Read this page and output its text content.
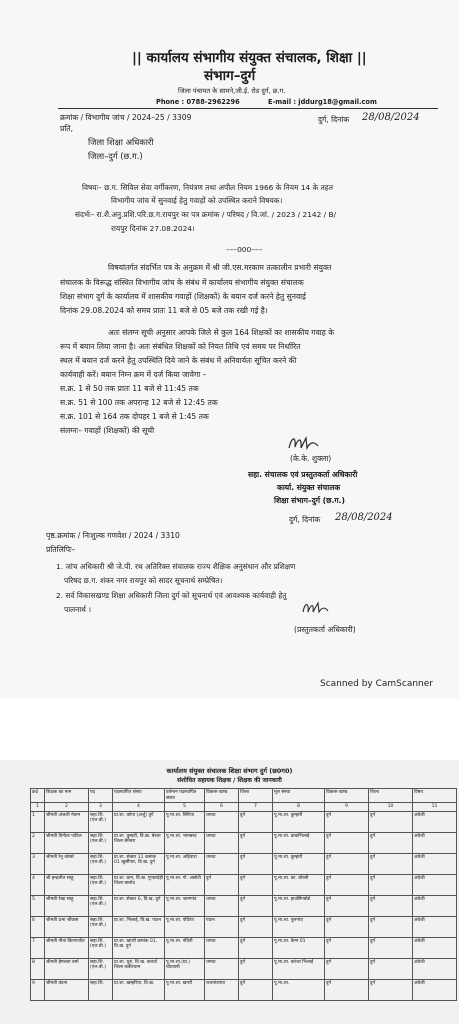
|| कार्यालय संभागीय संयुक्त संचालक, शिक्षा ||
संभाग–दुर्ग
जिला पंचायत के सामने,जी.ई. रोड दुर्ग, छ.ग.
Phone : 0788-2962296	E-mail : jddurg18@gmail.com
क्रमांक / विभागीय जांच / 2024–25 / 3309
प्रति,
दुर्ग, दिनांक 28/08/2024
जिला शिक्षा अधिकारी
जिला–दुर्ग (छ.ग.)
विषयः– छ.ग. सिविल सेवा वर्गीकरण, नियंत्रण तथा अपील नियम 1966 के नियम 14 के तहत
विभागीय जांच में सुनवाई हेतु गवाहों को उपस्थित कराने विषयक।
संदर्भः– रा.शै.अनु.प्रशि.परि.छ.ग.रायपुर का पत्र क्रमांक / परिषद / वि.जां. / 2023 / 2142 / B/
रायपुर दिनांक 27.08.2024।
–––000–––
विषयांतर्गत संदर्भित पत्र के अनुक्रम में श्री जी.एस.मरकाम तत्कालीन प्रभारी संयुक्त
संचालक के विरूद्ध संस्थित विभागीय जांच के संबंध में कार्यालय संभागीय संयुक्त संचालक
शिक्षा संभाग दुर्ग के कार्यालय में शासकीय गवाहों (शिक्षकों) के बयान दर्ज करने हेतु सुनवाई
दिनांक 29.08.2024 को समय प्रातः 11 बजे से 05 बजे तक रखी गई है।
अतः संलग्न सूची अनुसार आपके जिले से कुल 164 शिक्षकों का शासकीय गवाह के
रूप में बयान लिया जाना है। अतः संबंधित शिक्षकों को नियत तिथि एवं समय पर निर्धारित
स्थल में बयान दर्ज करने हेतु उपस्थिति दिये जाने के संबंध में अनिवार्यतः सूचित करने की
कार्यवाही करें। बयान निम्न क्रम में दर्ज किया जावेगा –
स.क्र. 1 से 50 तक प्रातः 11 बजे से 11:45 तक
स.क्र. 51 से 100 तक अपरान्ह 12 बजे से 12:45 तक
स.क्र. 101 से 164 तक दोपहर 1 बजे से 1:45 तक
संलग्नः– गवाहों (शिक्षकों) की सूची
(के.के. शुक्ला)
सहा. संचालक एवं प्रस्तुतकर्ता अधिकारी
कार्या. संयुक्त संचालक
शिक्षा संभाग–दुर्ग (छ.ग.)
दुर्ग, दिनांक 28/08/2024
पृष्ठ.क्रमांक / निःशुल्क गणवेश / 2024 / 3310
प्रतिलिपिः–
1. जांच अधिकारी श्री जे.पी. रथ अतिरिक्त संचालक राज्य शैक्षिक अनुसंधान और प्रशिक्षण
परिषद छ.ग. शंकर नगर रायपुर को सादर सूचनार्थ सम्प्रेषित।
2. सर्व विकासखण्ड शिक्षा अधिकारी जिला दुर्ग को सूचनार्थ एवं आवश्यक कार्यवाही हेतु
पालनार्थ ।
(प्रस्तुतकर्ता अधिकारी)
Scanned by CamScanner
कार्यालय संयुक्त संचालक शिक्षा संभाग दुर्ग (छ0ग0)
संशोधित सहायक शिक्षक / शिक्षक की जानकारी
क्र0	शिक्षक का नाम	पद	पदस्थापित संस्था	वर्तमान पदस्थापित संस्था	विकास खण्ड	जिला	मूल संस्था	विकास खण्ड	जिला	विषय
1	2	3	4	5	6	7	8	9	10	11
1	श्रीमती अंजली नेताम	सहा.शि. (एल.बी.)	प्रा.शा. कोपा (अर्जु) दुर्ग	पू.मा.शा. सिरिया	धमधा	दुर्ग	पू.मा.शा. कुम्हारी	दुर्ग	दुर्ग	अंग्रेजी
2	श्रीमती विनीता पाटिल	सहा.शि. (एल.बी.)	प्रा.शा. कुम्हरी, वि.ख. बेरला जिला बेमेतरा	पू.मा.शा. भानबरद	धमधा	दुर्ग	पू.मा.शा. ढाबाभिलाई	दुर्ग	दुर्ग	अंग्रेजी
3	श्रीमती रेनू कोसरे	सहा.शि. (एल.बी.)	प्रा.शा. सेक्टर 11 क्रमांक 01 खुर्सीपार, वि.ख. दुर्ग	पू.मा.शा. अहिवारा	धमधा	दुर्ग	पू.मा.शा. कुम्हारी	दुर्ग	दुर्ग	अंग्रेजी
4	श्री इन्द्रजीत साहू	सहा.शि. (एल.बी.)	प्रा.शा. ग्राम, वि.ख. गुण्डरदेही जिला बालोद	पू.मा.शा. गो. अछोटी	दुर्ग	दुर्ग	पू.मा.शा. का. बोरसी	दुर्ग	दुर्ग	अंग्रेजी
5	श्रीमती रेखा साहू	सहा.शि. (एल.बी.)	प्रा.शा. सेक्टर 6, वि.ख. दुर्ग	पू.मा.शा. जामगांव	धमधा	दुर्ग	पू.मा.शा. हाउसिंगबोर्ड	दुर्ग	दुर्ग	अंग्रेजी
6	श्रीमती प्रभा श्रीवास	सहा.शि. (एल.बी.)	प्रा.शा. भिलाई, वि.ख. पाटन	पू.मा.शा. पोटिया	पाटन	दुर्ग	पू.मा.शा. पुलगांव	दुर्ग	दुर्ग	अंग्रेजी
7	श्रीमती नीता किरणजीत	सहा.शि. (एल.बी.)	प्रा.शा. खपरी क्रमांक 01, वि.ख. दुर्ग	पू.मा.शा. नंदिनी	धमधा	दुर्ग	पू.मा.शा. कैम्प 01	दुर्ग	दुर्ग	अंग्रेजी
8	श्रीमती हेमलता वर्मा	सहा.शि. (एल.बी.)	प्रा.शा. धुरु, वि.ख. कवर्धा जिला कबीरधाम	पू.मा.शा.(प्रा.) घोटवानी	धमधा	दुर्ग	पू.मा.शा. करंजा भिलाई	दुर्ग	दुर्ग	अंग्रेजी
9	श्रीमती वंदना	सहा.शि.	प्रा.शा. खम्हरिया, वि.ख.	पू.मा.शा. खपरी	राजनांदगांव	दुर्ग	पू.मा.शा.	दुर्ग	दुर्ग	अंग्रेजी
